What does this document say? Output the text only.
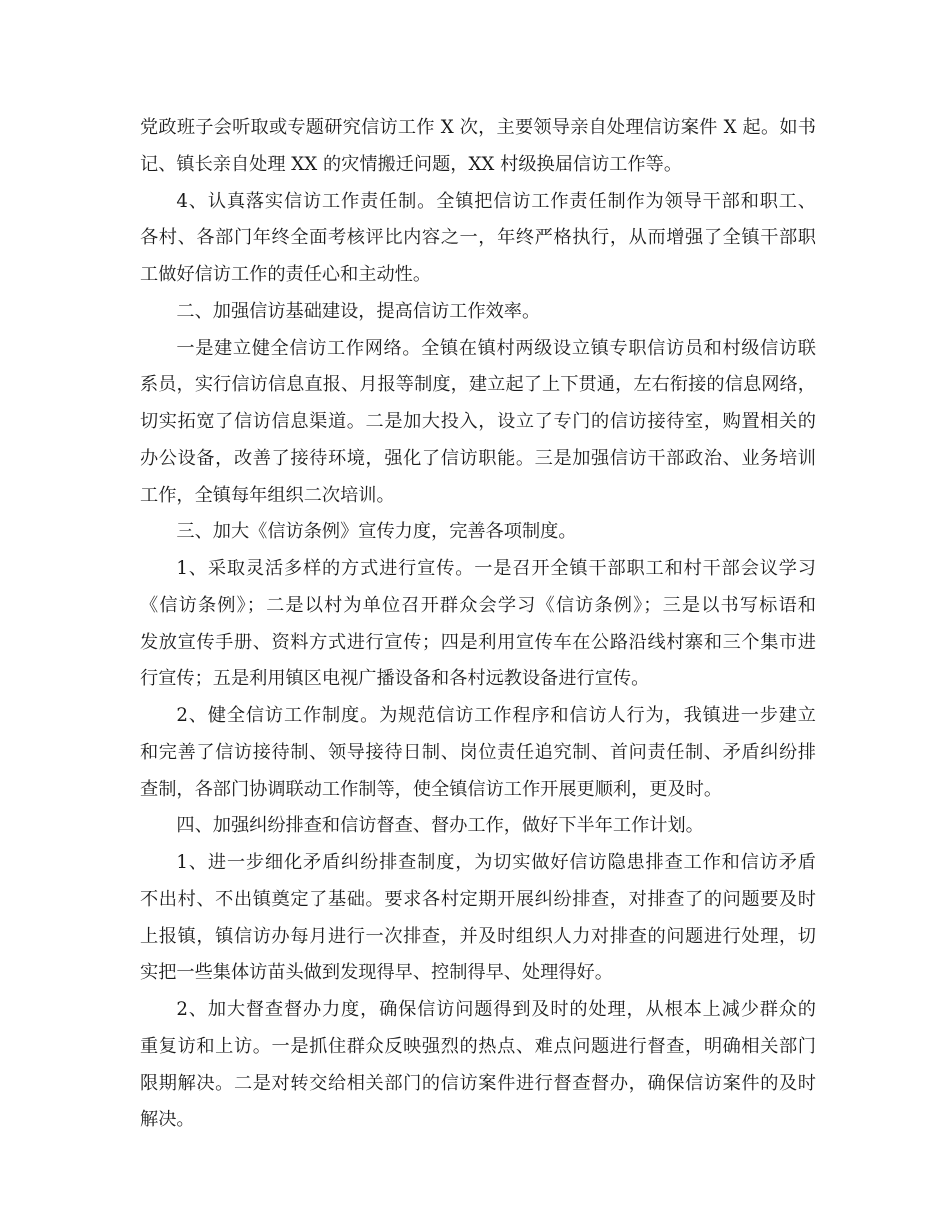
党政班子会听取或专题研究信访工作 X 次，主要领导亲自处理信访案件 X 起。如书
记、镇长亲自处理 XX 的灾情搬迁问题，XX 村级换届信访工作等。
4、认真落实信访工作责任制。全镇把信访工作责任制作为领导干部和职工、
各村、各部门年终全面考核评比内容之一，年终严格执行，从而增强了全镇干部职
工做好信访工作的责任心和主动性。
二、加强信访基础建设，提高信访工作效率。
一是建立健全信访工作网络。全镇在镇村两级设立镇专职信访员和村级信访联
系员，实行信访信息直报、月报等制度，建立起了上下贯通，左右衔接的信息网络，
切实拓宽了信访信息渠道。二是加大投入，设立了专门的信访接待室，购置相关的
办公设备，改善了接待环境，强化了信访职能。三是加强信访干部政治、业务培训
工作，全镇每年组织二次培训。
三、加大《信访条例》宣传力度，完善各项制度。
1、采取灵活多样的方式进行宣传。一是召开全镇干部职工和村干部会议学习
《信访条例》；二是以村为单位召开群众会学习《信访条例》；三是以书写标语和
发放宣传手册、资料方式进行宣传；四是利用宣传车在公路沿线村寨和三个集市进
行宣传；五是利用镇区电视广播设备和各村远教设备进行宣传。
2、健全信访工作制度。为规范信访工作程序和信访人行为，我镇进一步建立
和完善了信访接待制、领导接待日制、岗位责任追究制、首问责任制、矛盾纠纷排
查制，各部门协调联动工作制等，使全镇信访工作开展更顺利，更及时。
四、加强纠纷排查和信访督查、督办工作，做好下半年工作计划。
1、进一步细化矛盾纠纷排查制度，为切实做好信访隐患排查工作和信访矛盾
不出村、不出镇奠定了基础。要求各村定期开展纠纷排查，对排查了的问题要及时
上报镇，镇信访办每月进行一次排查，并及时组织人力对排查的问题进行处理，切
实把一些集体访苗头做到发现得早、控制得早、处理得好。
2、加大督查督办力度，确保信访问题得到及时的处理，从根本上减少群众的
重复访和上访。一是抓住群众反映强烈的热点、难点问题进行督查，明确相关部门
限期解决。二是对转交给相关部门的信访案件进行督查督办，确保信访案件的及时
解决。
